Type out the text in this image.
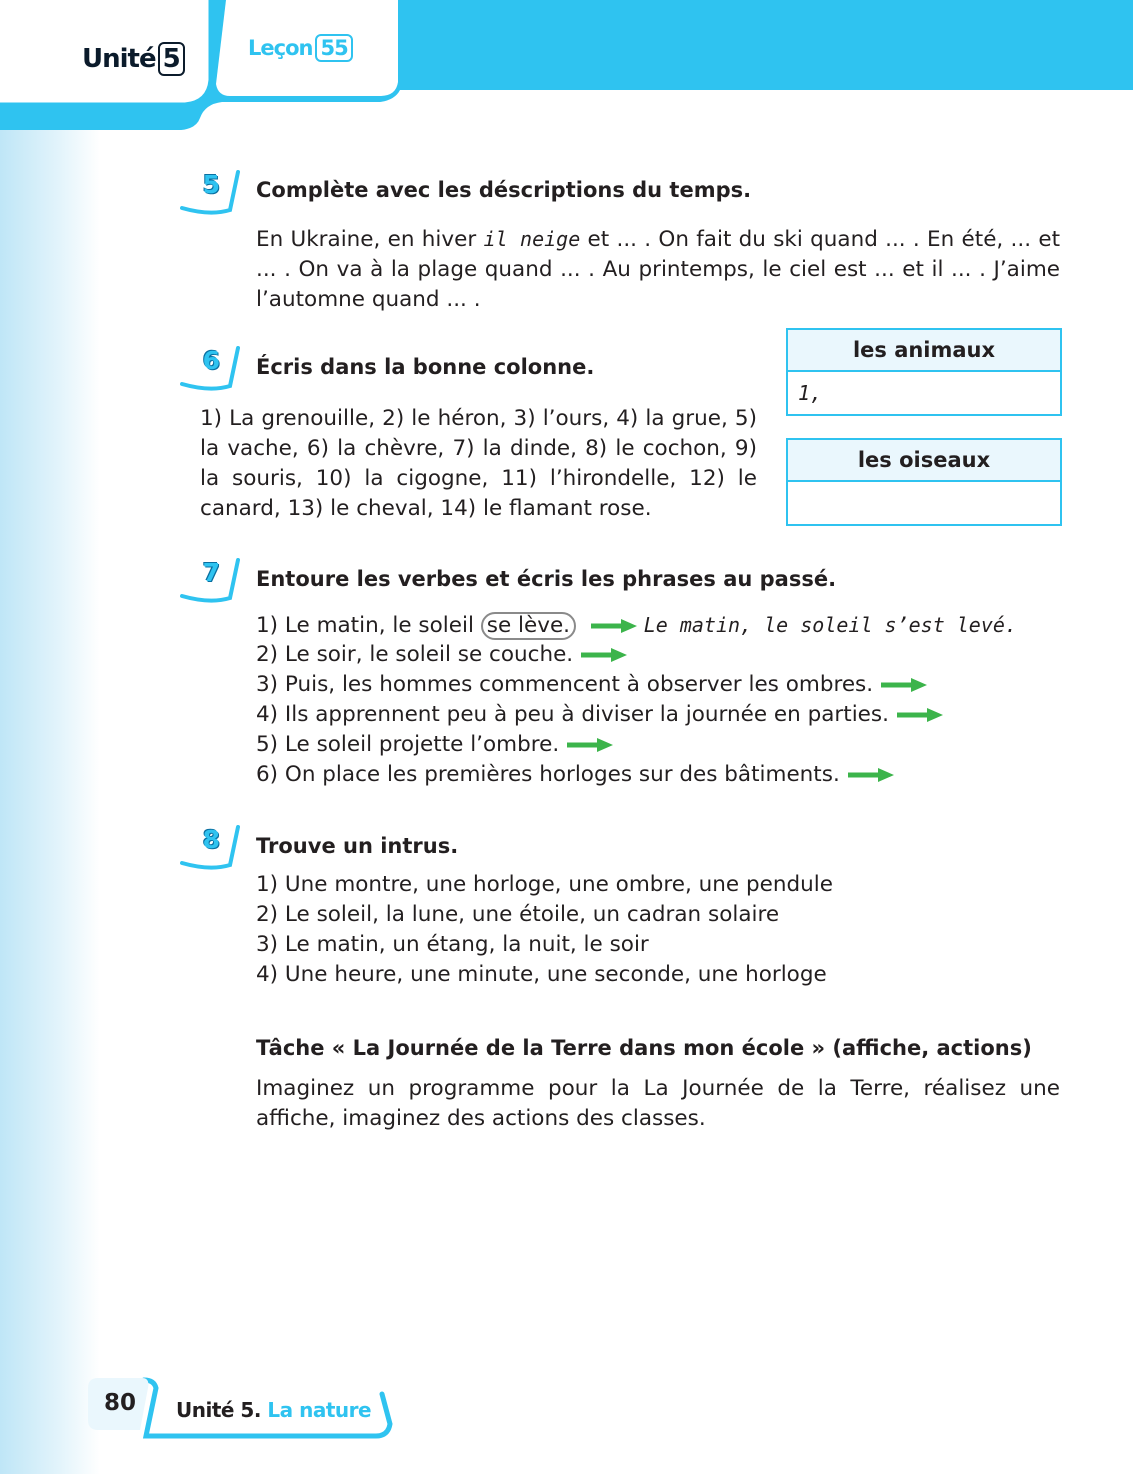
Unité 5	Leçon 55
5 Complète avec les déscriptions du temps.
En Ukraine, en hiver il neige et ... . On fait du ski quand ... . En été, ... et ... . On va à la plage quand ... . Au printemps, le ciel est ... et il ... . J’aime l’automne quand ... .
6 Écris dans la bonne colonne.
1) La grenouille, 2) le héron, 3) l’ours, 4) la grue, 5) la vache, 6) la chèvre, 7) la dinde, 8) le cochon, 9) la souris, 10) la cigogne, 11) l’hirondelle, 12) le canard, 13) le cheval, 14) le flamant rose.
les animaux
1,
les oiseaux
7 Entoure les verbes et écris les phrases au passé.
1) Le matin, le soleil se lève.	Le matin, le soleil s’est levé.
2) Le soir, le soleil se couche.
3) Puis, les hommes commencent à observer les ombres.
4) Ils apprennent peu à peu à diviser la journée en parties.
5) Le soleil projette l’ombre.
6) On place les premières horloges sur des bâtiments.
8 Trouve un intrus.
1) Une montre, une horloge, une ombre, une pendule
2) Le soleil, la lune, une étoile, un cadran solaire
3) Le matin, un étang, la nuit, le soir
4) Une heure, une minute, une seconde, une horloge
Tâche « La Journée de la Terre dans mon école » (affiche, actions)
Imaginez un programme pour la La Journée de la Terre, réalisez une affiche, imaginez des actions des classes.
80 Unité 5. La nature
